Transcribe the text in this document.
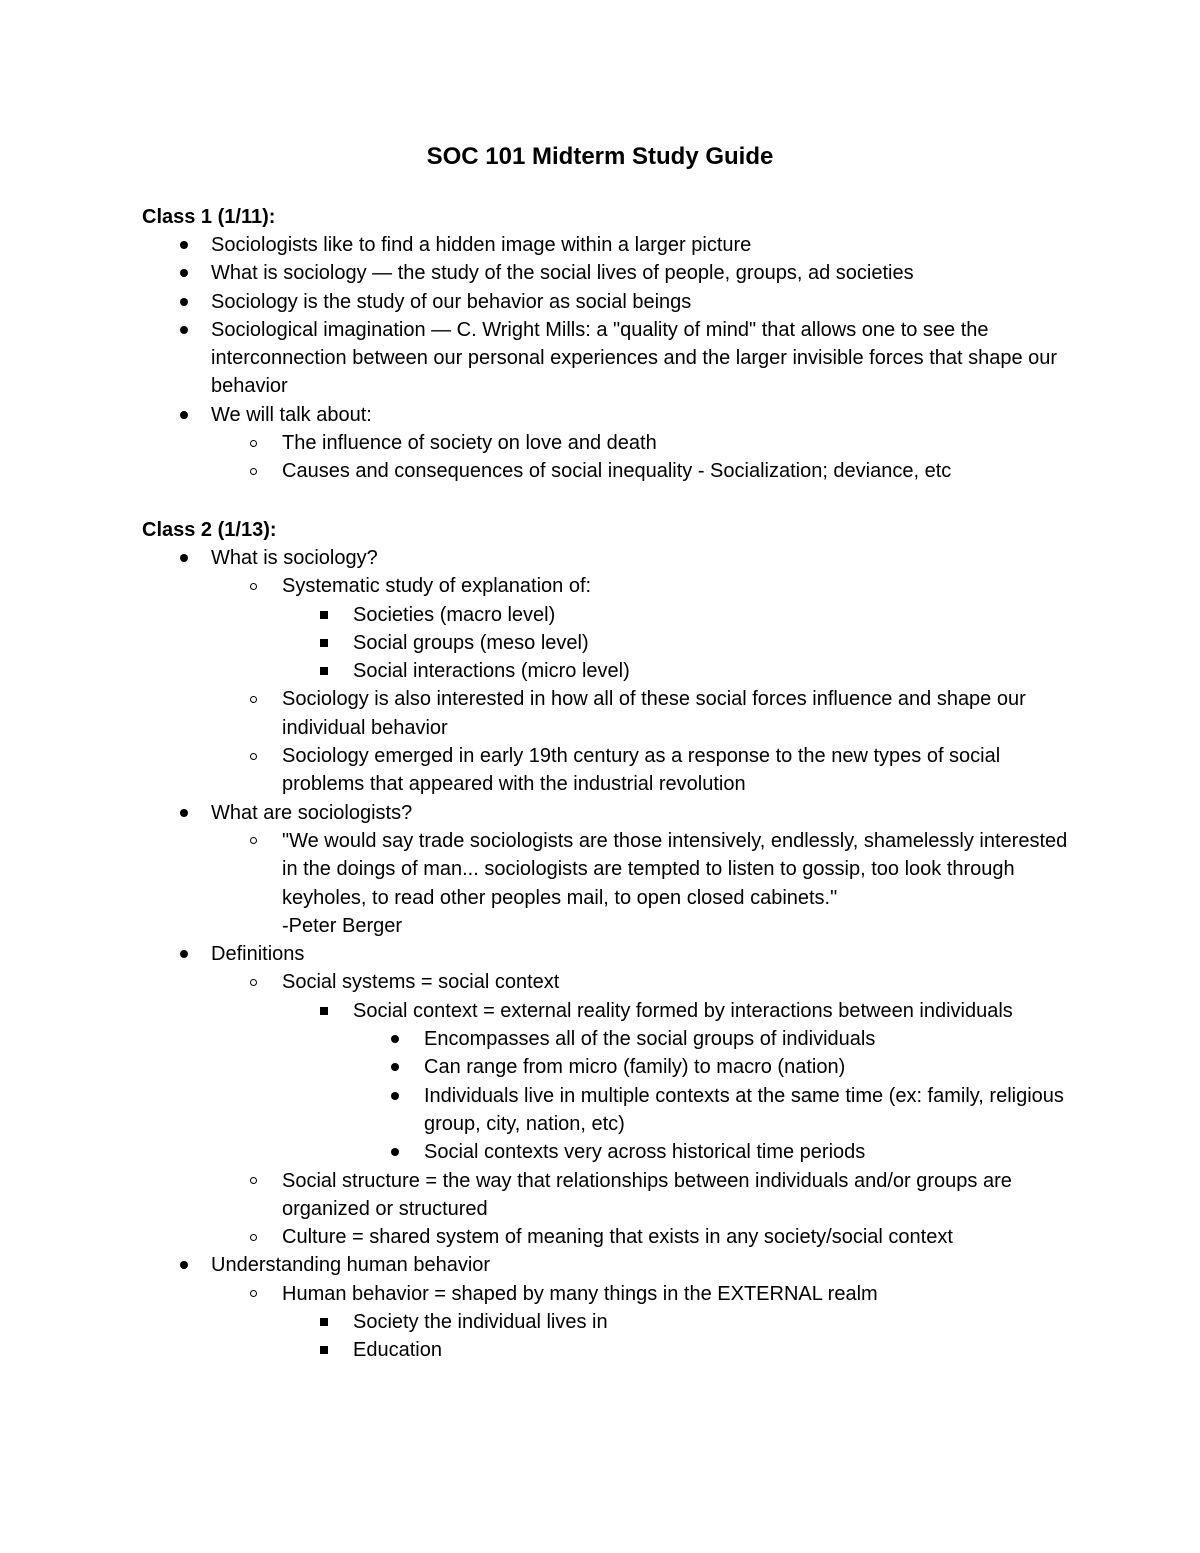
SOC 101 Midterm Study Guide
Class 1 (1/11):
Sociologists like to find a hidden image within a larger picture
What is sociology — the study of the social lives of people, groups, ad societies
Sociology is the study of our behavior as social beings
Sociological imagination — C. Wright Mills: a "quality of mind" that allows one to see the interconnection between our personal experiences and the larger invisible forces that shape our behavior
We will talk about:
The influence of society on love and death
Causes and consequences of social inequality - Socialization; deviance, etc
Class 2 (1/13):
What is sociology?
Systematic study of explanation of:
Societies (macro level)
Social groups (meso level)
Social interactions (micro level)
Sociology is also interested in how all of these social forces influence and shape our individual behavior
Sociology emerged in early 19th century as a response to the new types of social problems that appeared with the industrial revolution
What are sociologists?
"We would say trade sociologists are those intensively, endlessly, shamelessly interested in the doings of man... sociologists are tempted to listen to gossip, too look through keyholes, to read other peoples mail, to open closed cabinets."
-Peter Berger
Definitions
Social systems = social context
Social context = external reality formed by interactions between individuals
Encompasses all of the social groups of individuals
Can range from micro (family) to macro (nation)
Individuals live in multiple contexts at the same time (ex: family, religious group, city, nation, etc)
Social contexts very across historical time periods
Social structure = the way that relationships between individuals and/or groups are organized or structured
Culture = shared system of meaning that exists in any society/social context
Understanding human behavior
Human behavior = shaped by many things in the EXTERNAL realm
Society the individual lives in
Education
